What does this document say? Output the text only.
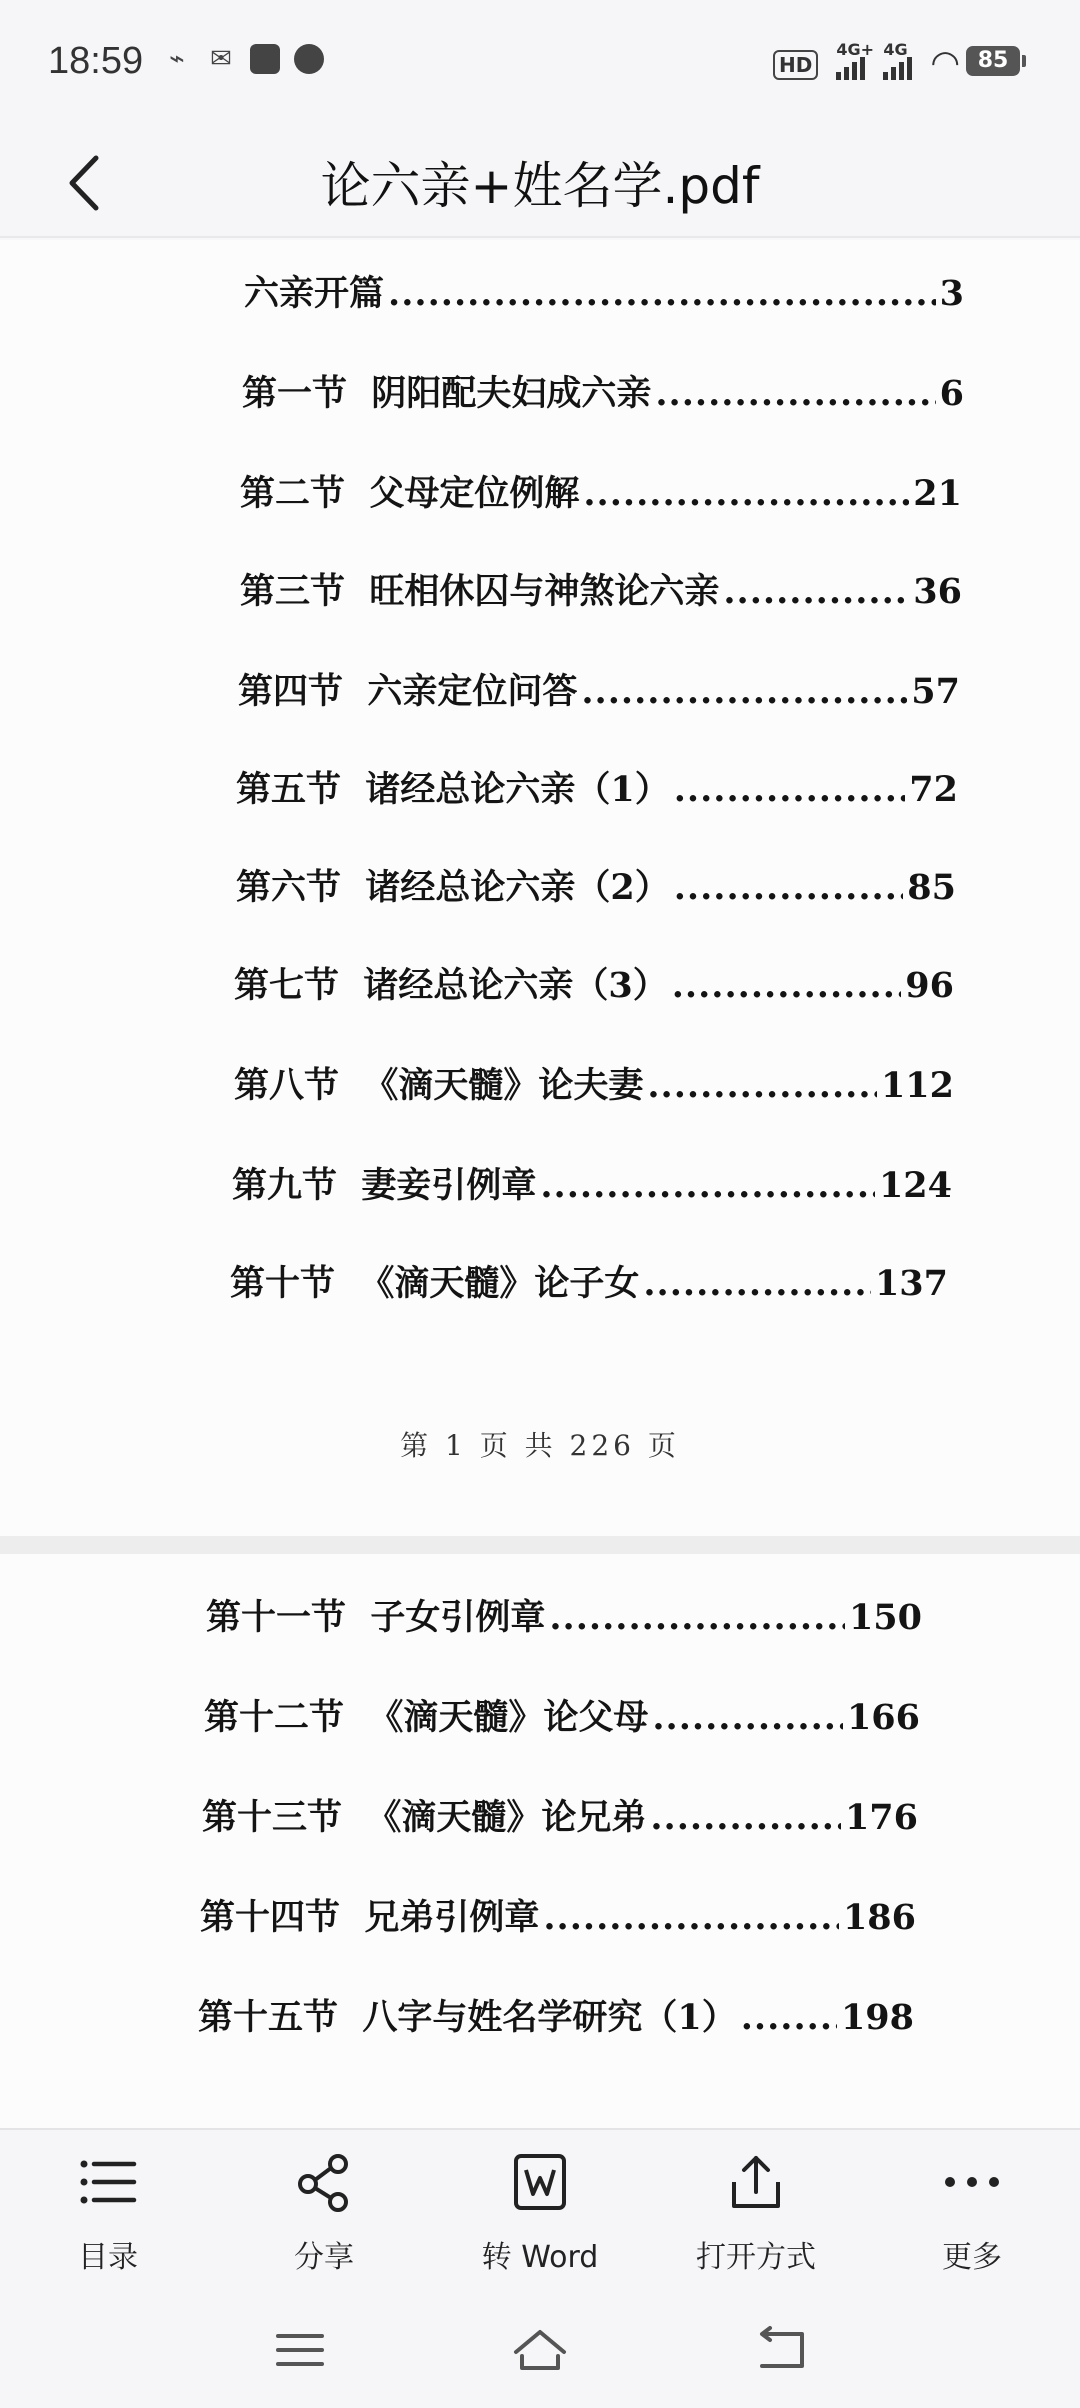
18:59 ⌁ ✉	HD
4G+ 4G ◠ 85
论六亲+姓名学.pdf
六亲开篇 .....	3
第一节  阴阳配夫妇成六亲 .....	6
第二节  父母定位例解 .....	21
第三节  旺相休囚与神煞论六亲 .....	36
第四节  六亲定位问答 .....	57
第五节  诸经总论六亲（1） .....	72
第六节  诸经总论六亲（2） .....	85
第七节  诸经总论六亲（3） .....	96
第八节  《滴天髓》论夫妻 .....	112
第九节  妻妾引例章 .....	124
第十节  《滴天髓》论子女 .....	137
第 1 页 共 226 页
第十一节  子女引例章 .....	150
第十二节  《滴天髓》论父母 .....	166
第十三节  《滴天髓》论兄弟 .....	176
第十四节  兄弟引例章 .....	186
第十五节  八字与姓名学研究（1） .....	198
目录	分享	转 Word	打开方式	更多
